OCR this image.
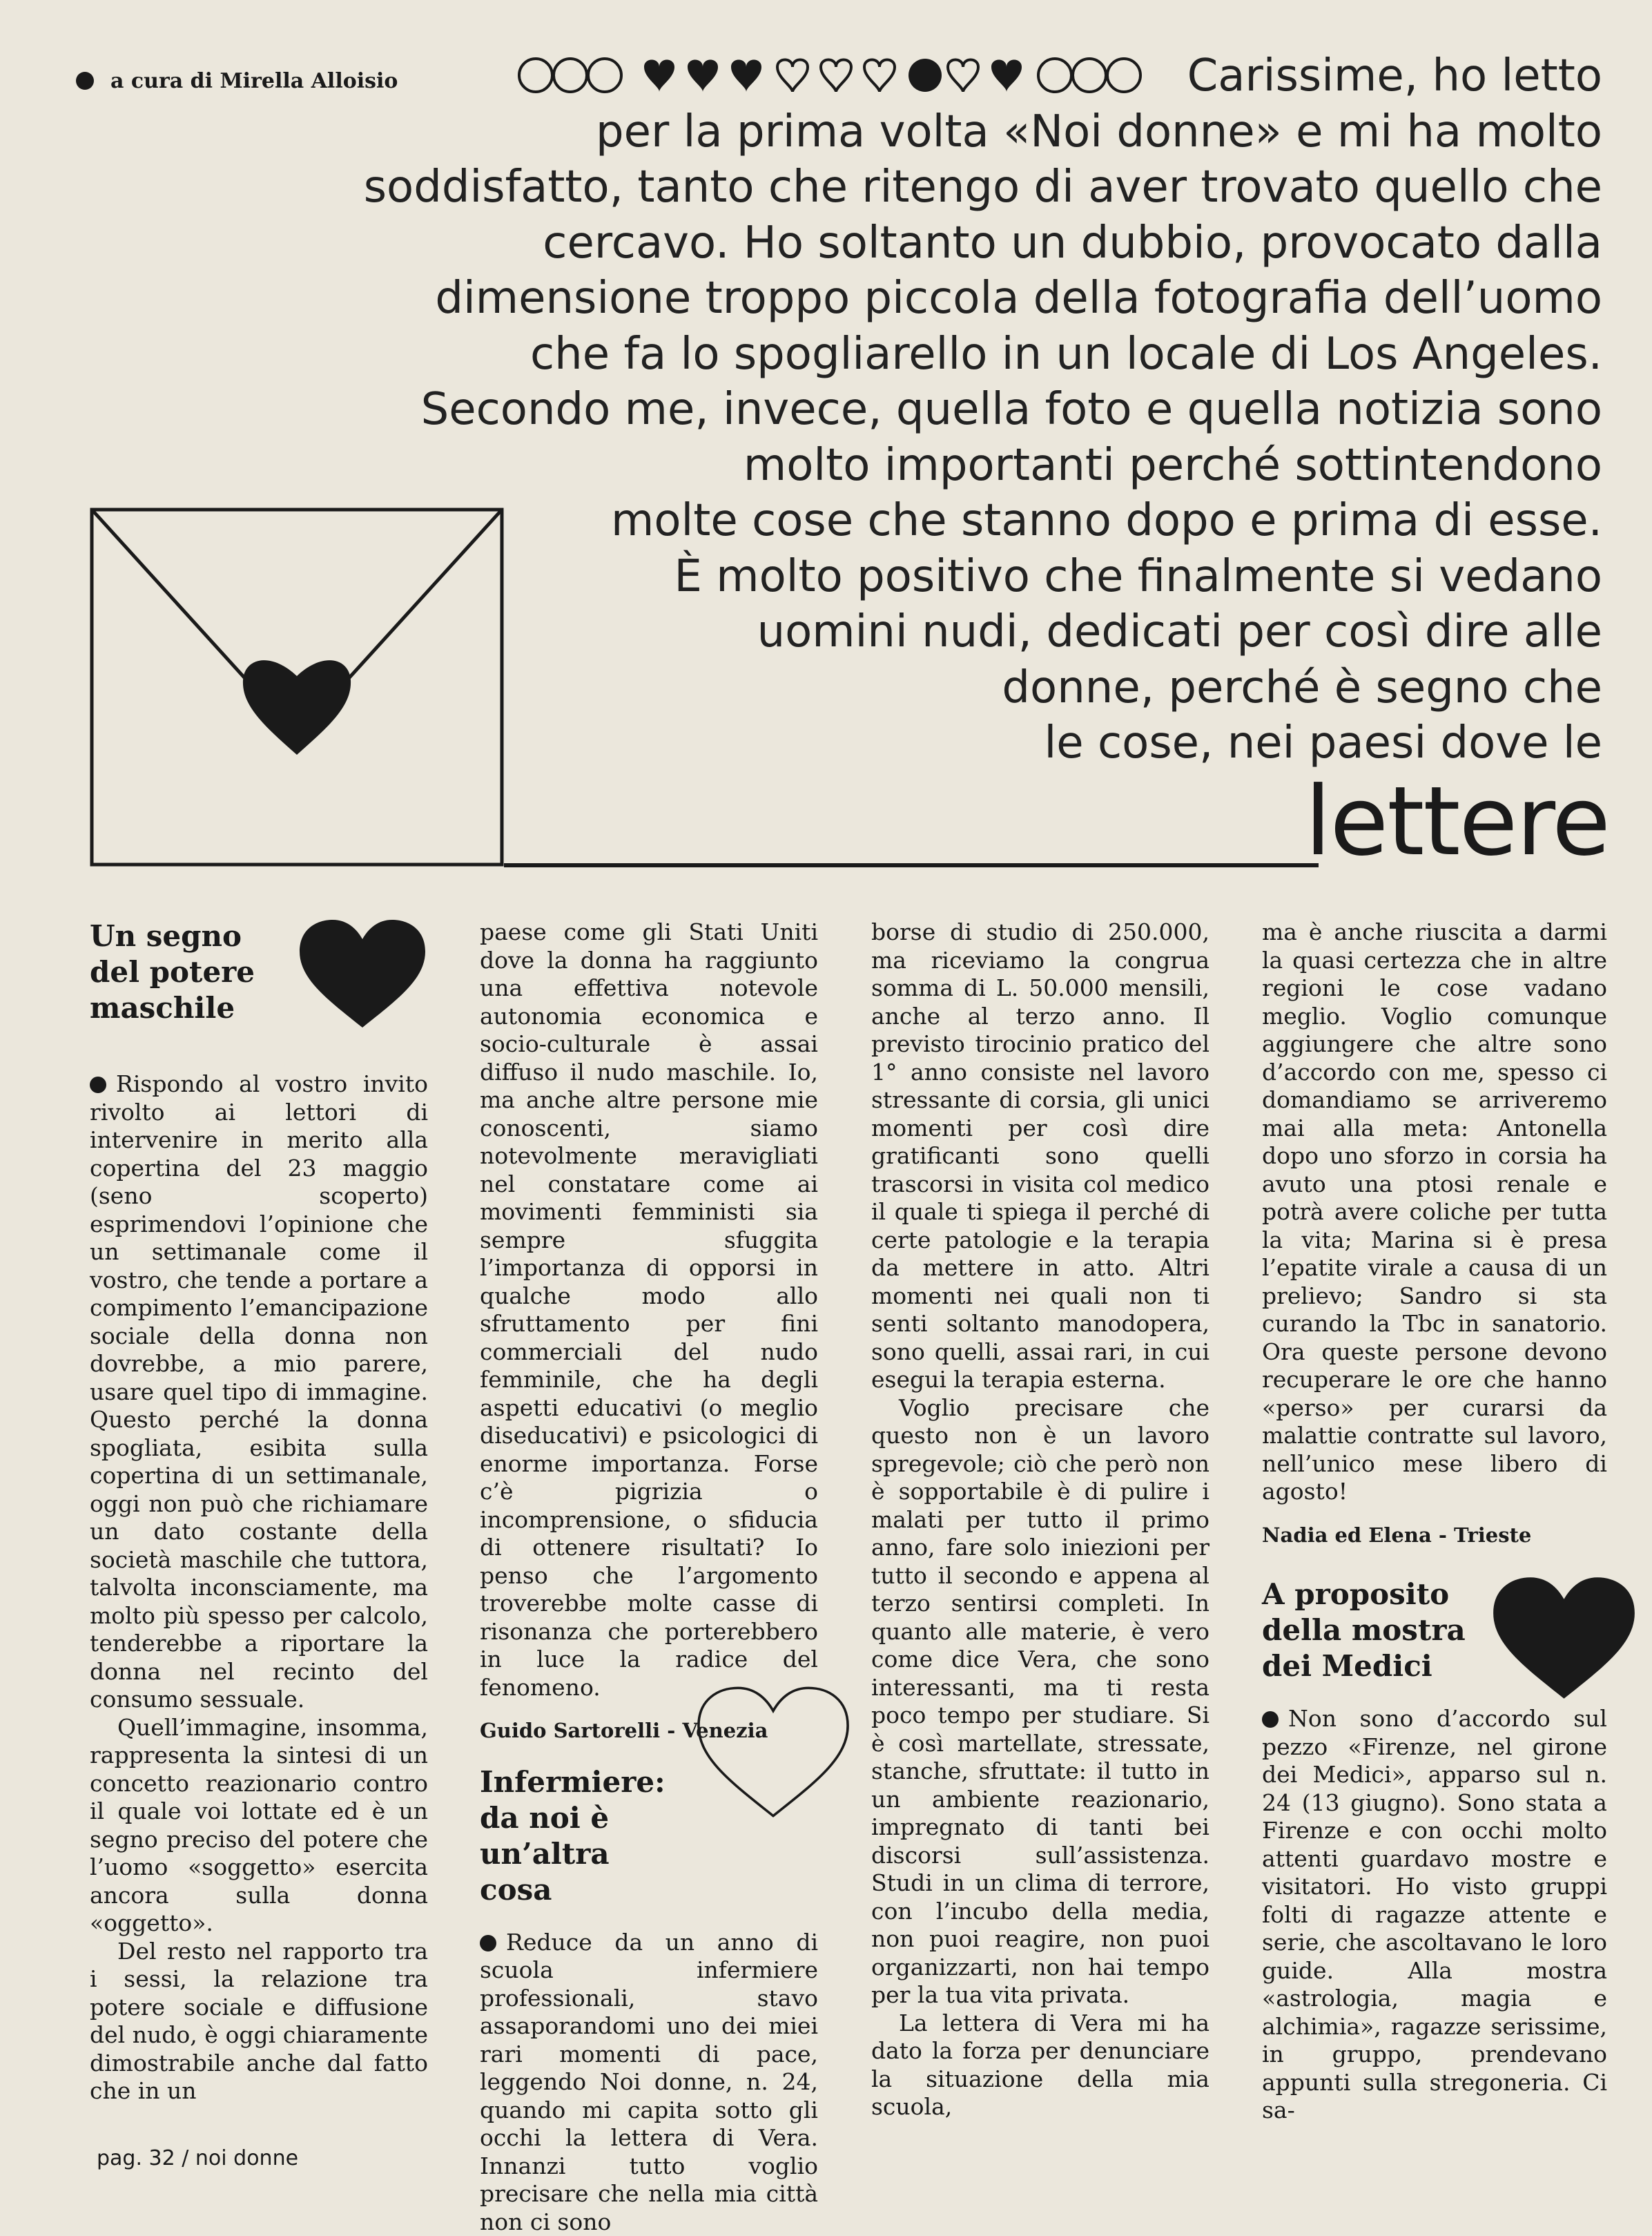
a cura di Mirella Alloisio	Carissime, ho letto
per la prima volta «Noi donne» e mi ha molto
soddisfatto, tanto che ritengo di aver trovato quello che
cercavo. Ho soltanto un dubbio, provocato dalla
dimensione troppo piccola della fotografia dell’uomo
che fa lo spogliarello in un locale di Los Angeles.
Secondo me, invece, quella foto e quella notizia sono
molto importanti perché sottintendono
molte cose che stanno dopo e prima di esse.
È molto positivo che finalmente si vedano
uomini nudi, dedicati per così dire alle
donne, perché è segno che
le cose, nei paesi dove le
lettere
Un segno del potere maschile

Rispondo al vostro invito rivolto ai lettori di intervenire in merito alla copertina del 23 maggio (seno scoperto) esprimendovi l’opinione che un settimanale come il vostro, che tende a portare a compimento l’emancipazione sociale della donna non dovrebbe, a mio parere, usare quel tipo di immagine. Questo perché la donna spogliata, esibita sulla copertina di un settimanale, oggi non può che richiamare un dato costante della società maschile che tuttora, talvolta inconsciamente, ma molto più spesso per calcolo, tenderebbe a riportare la donna nel recinto del consumo sessuale.

Quell’immagine, insomma, rappresenta la sintesi di un concetto reazionario contro il quale voi lottate ed è un segno preciso del potere che l’uomo «soggetto» esercita ancora sulla donna «oggetto».

Del resto nel rapporto tra i sessi, la relazione tra potere sociale e diffusione del nudo, è oggi chiaramente dimostrabile anche dal fatto che in un

paese come gli Stati Uniti dove la donna ha raggiunto una effettiva notevole autonomia economica e socio-culturale è assai diffuso il nudo maschile. Io, ma anche altre persone mie conoscenti, siamo notevolmente meravigliati nel constatare come ai movimenti femministi sia sempre sfuggita l’importanza di opporsi in qualche modo allo sfruttamento per fini commerciali del nudo femminile, che ha degli aspetti educativi (o meglio diseducativi) e psicologici di enorme importanza. Forse c’è pigrizia o incomprensione, o sfiducia di ottenere risultati? Io penso che l’argomento troverebbe molte casse di risonanza che porterebbero in luce la radice del fenomeno.

Guido Sartorelli - Venezia
Infermiere: da noi è un’altra cosa

Reduce da un anno di scuola infermiere professionali, stavo assaporandomi uno dei miei rari momenti di pace, leggendo Noi donne, n. 24, quando mi capita sotto gli occhi la lettera di Vera. Innanzi tutto voglio precisare che nella mia città non ci sono

borse di studio di 250.000, ma riceviamo la congrua somma di L. 50.000 mensili, anche al terzo anno. Il previsto tirocinio pratico del 1° anno consiste nel lavoro stressante di corsia, gli unici momenti per così dire gratificanti sono quelli trascorsi in visita col medico il quale ti spiega il perché di certe patologie e la terapia da mettere in atto. Altri momenti nei quali non ti senti soltanto manodopera, sono quelli, assai rari, in cui esegui la terapia esterna.

Voglio precisare che questo non è un lavoro spregevole; ciò che però non è sopportabile è di pulire i malati per tutto il primo anno, fare solo iniezioni per tutto il secondo e appena al terzo sentirsi completi. In quanto alle materie, è vero come dice Vera, che sono interessanti, ma ti resta poco tempo per studiare. Si è così martellate, stressate, stanche, sfruttate: il tutto in un ambiente reazionario, impregnato di tanti bei discorsi sull’assistenza. Studi in un clima di terrore, con l’incubo della media, non puoi reagire, non puoi organizzarti, non hai tempo per la tua vita privata.

La lettera di Vera mi ha dato la forza per denunciare la situazione della mia scuola,

ma è anche riuscita a darmi la quasi certezza che in altre regioni le cose vadano meglio. Voglio comunque aggiungere che altre sono d’accordo con me, spesso ci domandiamo se arriveremo mai alla meta: Antonella dopo uno sforzo in corsia ha avuto una ptosi renale e potrà avere coliche per tutta la vita; Marina si è presa l’epatite virale a causa di un prelievo; Sandro si sta curando la Tbc in sanatorio. Ora queste persone devono recuperare le ore che hanno «perso» per curarsi da malattie contratte sul lavoro, nell’unico mese libero di agosto!

Nadia ed Elena - Trieste
A proposito della mostra dei Medici

Non sono d’accordo sul pezzo «Firenze, nel girone dei Medici», apparso sul n. 24 (13 giugno). Sono stata a Firenze e con occhi molto attenti guardavo mostre e visitatori. Ho visto gruppi folti di ragazze attente e serie, che ascoltavano le loro guide. Alla mostra «astrologia, magia e alchimia», ragazze serissime, in gruppo, prendevano appunti sulla stregoneria. Ci sa-

pag. 32 / noi donne
